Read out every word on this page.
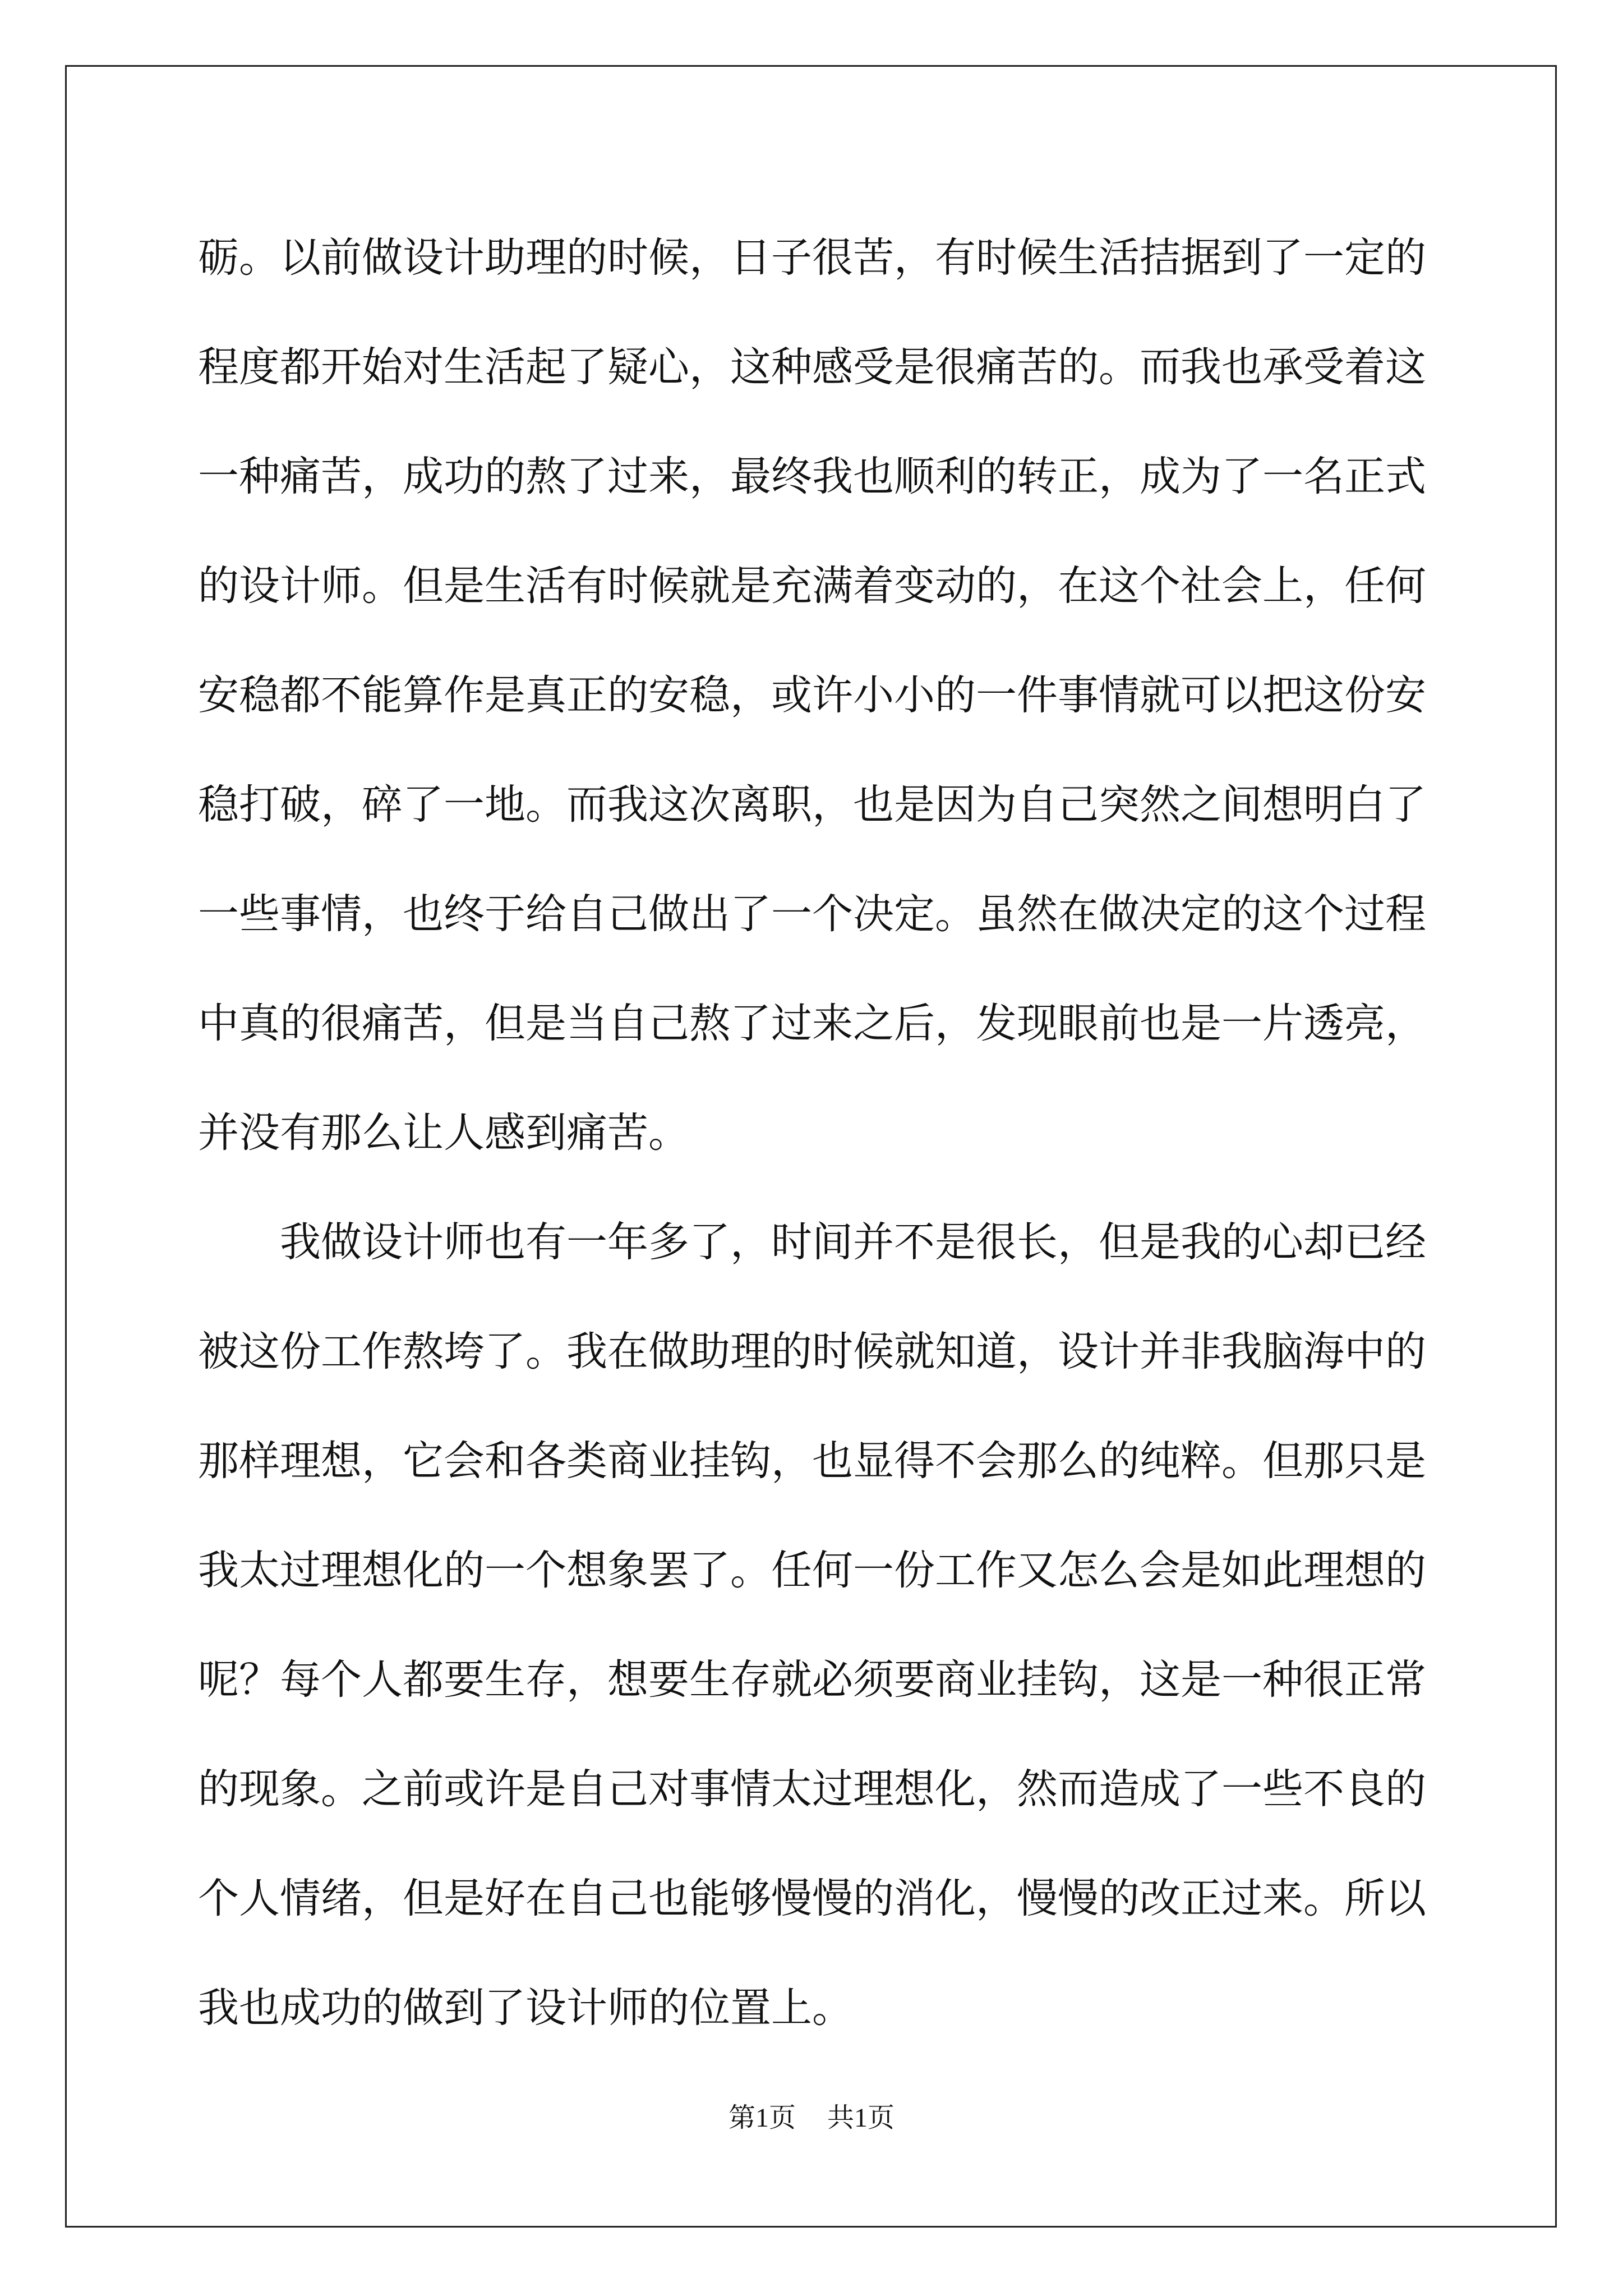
砺。以前做设计助理的时候，日子很苦，有时候生活拮据到了一定的
程度都开始对生活起了疑心，这种感受是很痛苦的。而我也承受着这
一种痛苦，成功的熬了过来，最终我也顺利的转正，成为了一名正式
的设计师。但是生活有时候就是充满着变动的，在这个社会上，任何
安稳都不能算作是真正的安稳，或许小小的一件事情就可以把这份安
稳打破，碎了一地。而我这次离职，也是因为自己突然之间想明白了
一些事情，也终于给自己做出了一个决定。虽然在做决定的这个过程
中真的很痛苦，但是当自己熬了过来之后，发现眼前也是一片透亮，
并没有那么让人感到痛苦。
我做设计师也有一年多了，时间并不是很长，但是我的心却已经
被这份工作熬垮了。我在做助理的时候就知道，设计并非我脑海中的
那样理想，它会和各类商业挂钩，也显得不会那么的纯粹。但那只是
我太过理想化的一个想象罢了。任何一份工作又怎么会是如此理想的
呢？每个人都要生存，想要生存就必须要商业挂钩，这是一种很正常
的现象。之前或许是自己对事情太过理想化，然而造成了一些不良的
个人情绪，但是好在自己也能够慢慢的消化，慢慢的改正过来。所以
我也成功的做到了设计师的位置上。
第1页 共1页
